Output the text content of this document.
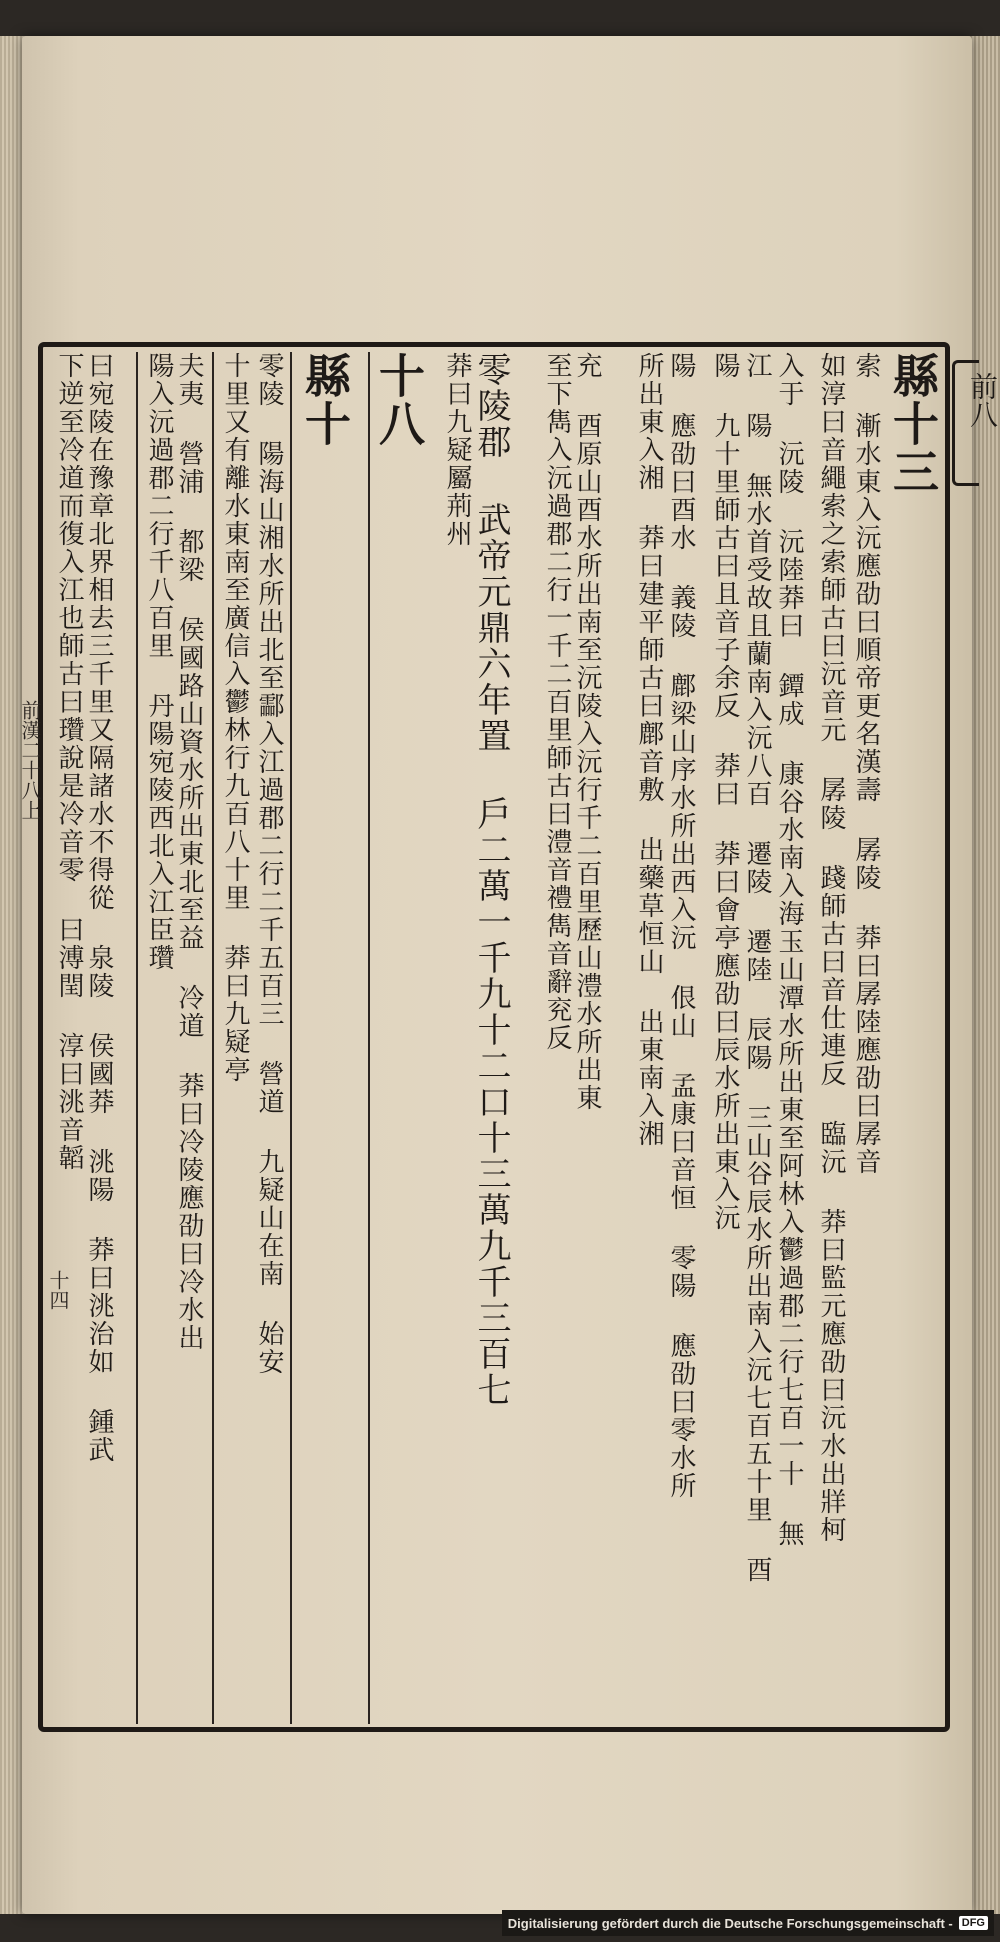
縣十三
索 漸水東入沅應劭曰順帝更名漢壽 孱陵 莽曰孱陸應劭曰孱音
如淳曰音繩索之索師古曰沅音元 孱陵 踐師古曰音仕連反 臨沅 莽曰監元應劭曰沅水出牂柯
入于 沅陵 沅陸莽曰 鐔成 康谷水南入海玉山潭水所出東至阿林入鬱過郡二行七百一十 無
江 陽 無水首受故且蘭南入沅八百 遷陵 遷陸 辰陽 三山谷辰水所出南入沅七百五十里 酉
陽 九十里師古曰且音子余反 莽曰 莽曰會亭應劭曰辰水所出東入沅
陽 應劭曰酉水 義陵 鄜梁山序水所出西入沅 佷山 孟康曰音恒 零陽 應劭曰零水所
所出東入湘 莽曰建平師古曰鄜音敷 出藥草恒山 出東南入湘
充 酉原山酉水所出南至沅陵入沅行千二百里歷山澧水所出東
至下雋入沅過郡二行一千二百里師古曰澧音禮雋音辭兖反
零陵郡 武帝元鼎六年置 戶二萬一千九十二口十三萬九千三百七
莽曰九疑屬荊州
十八
縣十
零陵 陽海山湘水所出北至酃入江過郡二行二千五百三 營道 九疑山在南 始安
十里又有離水東南至廣信入鬱林行九百八十里 莽曰九疑亭
夫夷 營浦 都梁 侯國路山資水所出東北至益 冷道 莽曰冷陵應劭曰冷水出
陽入沅過郡二行千八百里 丹陽宛陵西北入江臣瓚
曰宛陵在豫章北界相去三千里又隔諸水不得從 泉陵 侯國莽 洮陽 莽曰洮治如 鍾武
下逆至冷道而復入江也師古曰瓚說是冷音零 曰溥閏 淳曰洮音韜
前漢二十八上
十四
前八
Digitalisierung gefördert durch die Deutsche Forschungsgemeinschaft - DFG
